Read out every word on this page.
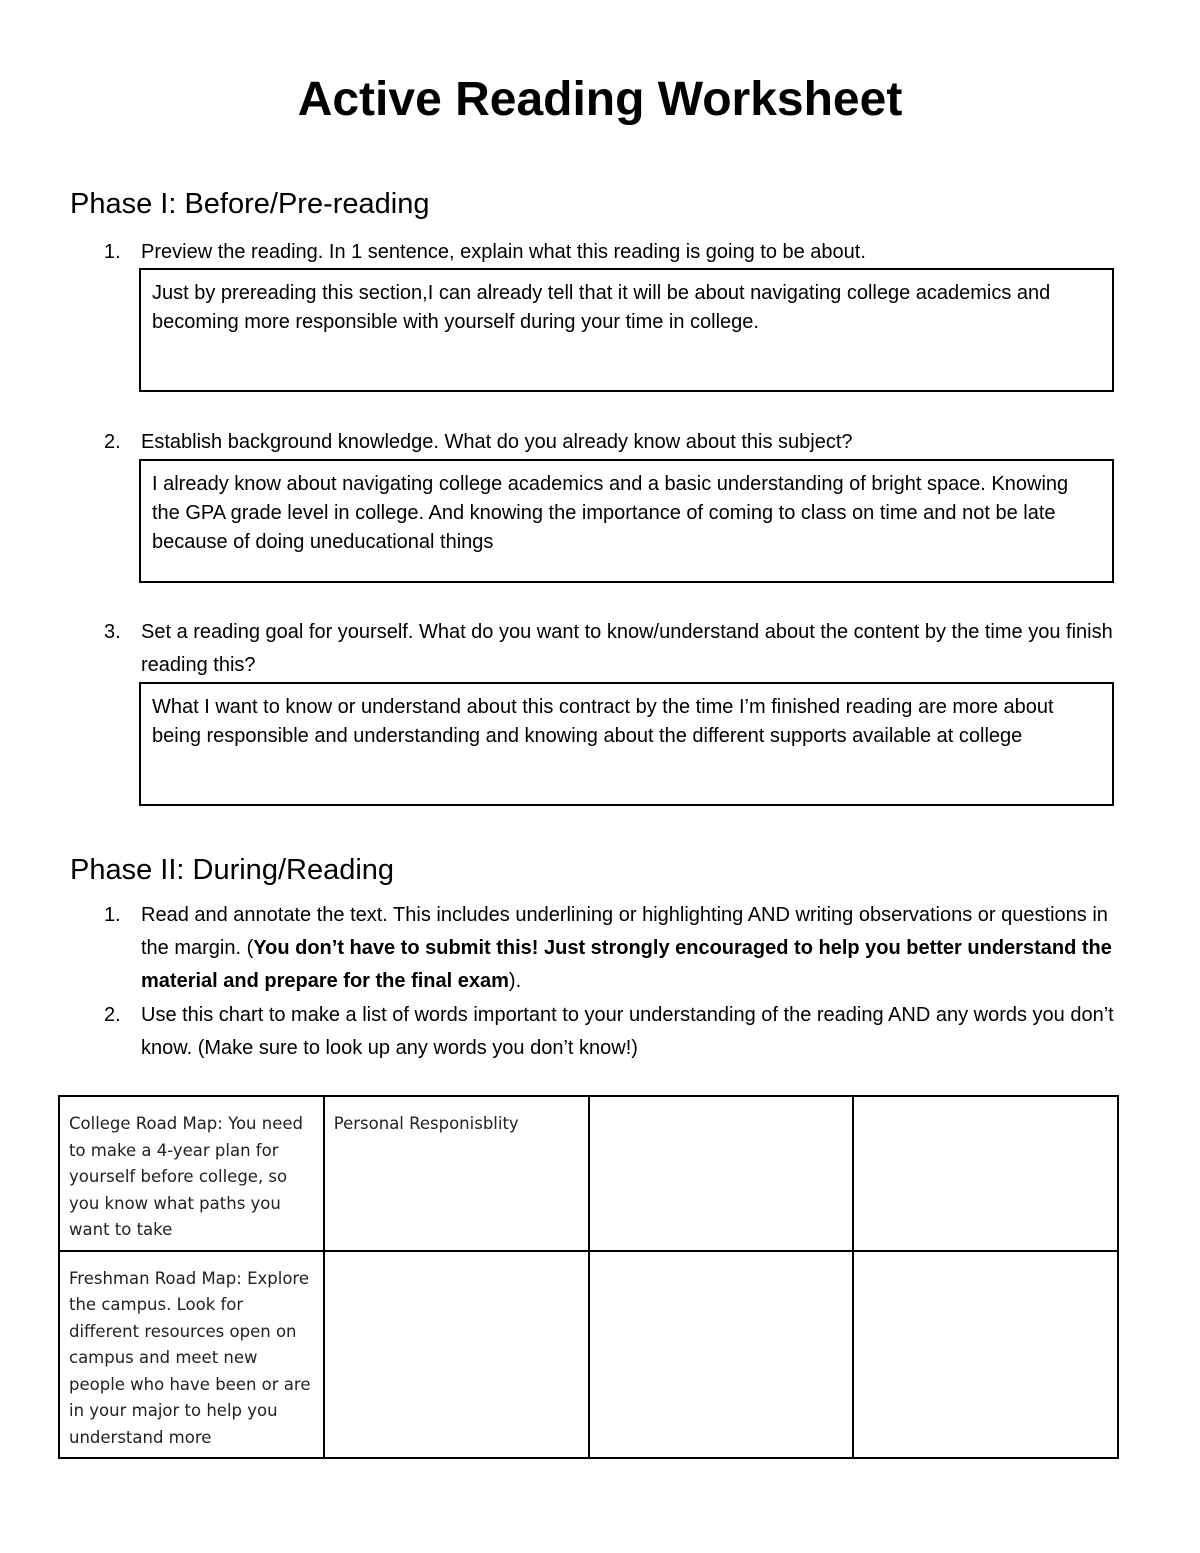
Active Reading Worksheet
Phase I: Before/Pre-reading
1.	Preview the reading. In 1 sentence, explain what this reading is going to be about.
Just by prereading this section,I can already tell that it will be about navigating college academics and becoming more responsible with yourself during your time in college.
2.	Establish background knowledge. What do you already know about this subject?
I already know about navigating college academics and a basic understanding of bright space. Knowing the GPA grade level in college. And knowing the importance of coming to class on time and not be late because of doing uneducational things
3.	Set a reading goal for yourself. What do you want to know/understand about the content by the time you finish reading this?
What I want to know or understand about this contract by the time I’m finished reading are more about being responsible and understanding and knowing about the different supports available at college
Phase II: During/Reading
1.	Read and annotate the text. This includes underlining or highlighting AND writing observations or questions in the margin. (You don’t have to submit this! Just strongly encouraged to help you better understand the material and prepare for the final exam).
2.	Use this chart to make a list of words important to your understanding of the reading AND any words you don’t know. (Make sure to look up any words you don’t know!)
College Road Map: You need to make a 4-year plan for yourself before college, so you know what paths you want to take	Personal Responisblity		
Freshman Road Map: Explore the campus. Look for different resources open on campus and meet new people who have been or are in your major to help you understand more			
